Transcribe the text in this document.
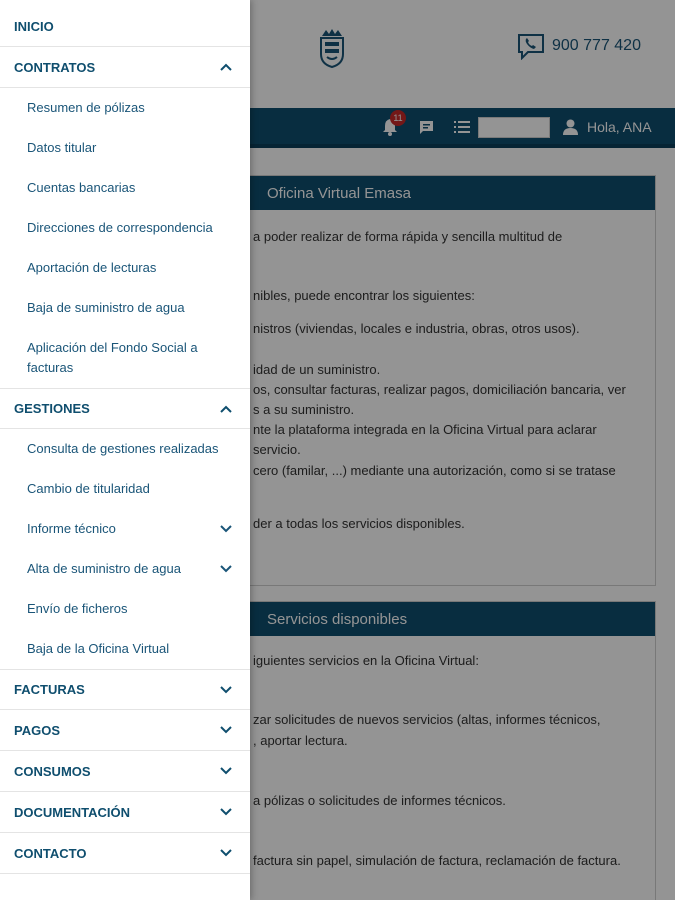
900 777 420
11
Hola, ANA
Oficina Virtual Emasa
a poder realizar de forma rápida y sencilla multitud de
nibles, puede encontrar los siguientes:
nistros (viviendas, locales e industria, obras, otros usos).
idad de un suministro.
os, consultar facturas, realizar pagos, domiciliación bancaria, ver
s a su suministro.
nte la plataforma integrada en la Oficina Virtual para aclarar
servicio.
cero (familar, ...) mediante una autorización, como si se tratase
der a todas los servicios disponibles.
Servicios disponibles
iguientes servicios en la Oficina Virtual:
zar solicitudes de nuevos servicios (altas, informes técnicos,
, aportar lectura.
a pólizas o solicitudes de informes técnicos.
factura sin papel, simulación de factura, reclamación de factura.
INICIO
CONTRATOS
Resumen de pólizas
Datos titular
Cuentas bancarias
Direcciones de correspondencia
Aportación de lecturas
Baja de suministro de agua
Aplicación del Fondo Social a facturas
GESTIONES
Consulta de gestiones realizadas
Cambio de titularidad
Informe técnico
Alta de suministro de agua
Envío de ficheros
Baja de la Oficina Virtual
FACTURAS
PAGOS
CONSUMOS
DOCUMENTACIÓN
CONTACTO
